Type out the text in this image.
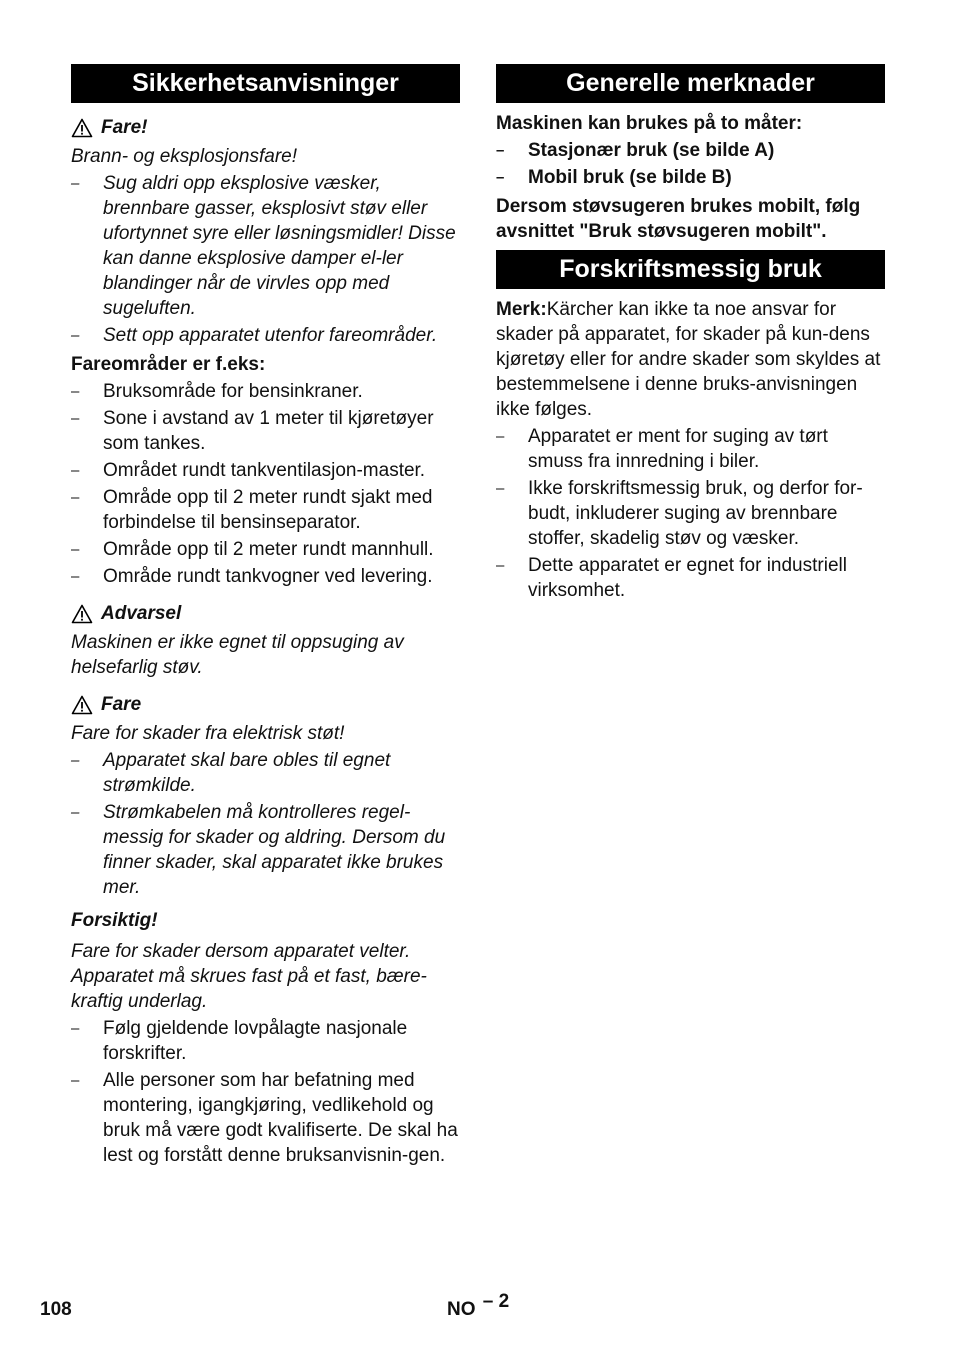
Sikkerhetsanvisninger
Fare!

Brann- og eksplosjonsfare!

– Sug aldri opp eksplosive væsker, brennbare gasser, eksplosivt støv eller ufortynnet syre eller løsningsmidler! Disse kan danne eksplosive damper el-ler blandinger når de virvles opp med sugeluften.
– Sett opp apparatet utenfor fareområder.

Fareområder er f.eks:

– Bruksområde for bensinkraner.
– Sone i avstand av 1 meter til kjøretøyer som tankes.
– Området rundt tankventilasjon-master.
– Område opp til 2 meter rundt sjakt med forbindelse til bensinseparator.
– Område opp til 2 meter rundt mannhull.
– Område rundt tankvogner ved levering.
Advarsel

Maskinen er ikke egnet til oppsuging av helsefarlig støv.

Fare

Fare for skader fra elektrisk støt!

– Apparatet skal bare obles til egnet strømkilde.
– Strømkabelen må kontrolleres regel-messig for skader og aldring. Dersom du finner skader, skal apparatet ikke brukes mer.

Forsiktig!

Fare for skader dersom apparatet velter. Apparatet må skrues fast på et fast, bære-kraftig underlag.

– Følg gjeldende lovpålagte nasjonale forskrifter.
– Alle personer som har befatning med montering, igangkjøring, vedlikehold og bruk må være godt kvalifiserte. De skal ha lest og forstått denne bruksanvisnin-gen.
Generelle merknader

Maskinen kan brukes på to måter:

– Stasjonær bruk (se bilde A)
– Mobil bruk (se bilde B)

Dersom støvsugeren brukes mobilt, følg avsnittet "Bruk støvsugeren mobilt".

Forskriftsmessig bruk

Merk:Kärcher kan ikke ta noe ansvar for skader på apparatet, for skader på kun-dens kjøretøy eller for andre skader som skyldes at bestemmelsene i denne bruks-anvisningen ikke følges.

– Apparatet er ment for suging av tørt smuss fra innredning i biler.
– Ikke forskriftsmessig bruk, og derfor for-budt, inkluderer suging av brennbare stoffer, skadelig støv og væsker.
– Dette apparatet er egnet for industriell virksomhet.
108	NO – 2
